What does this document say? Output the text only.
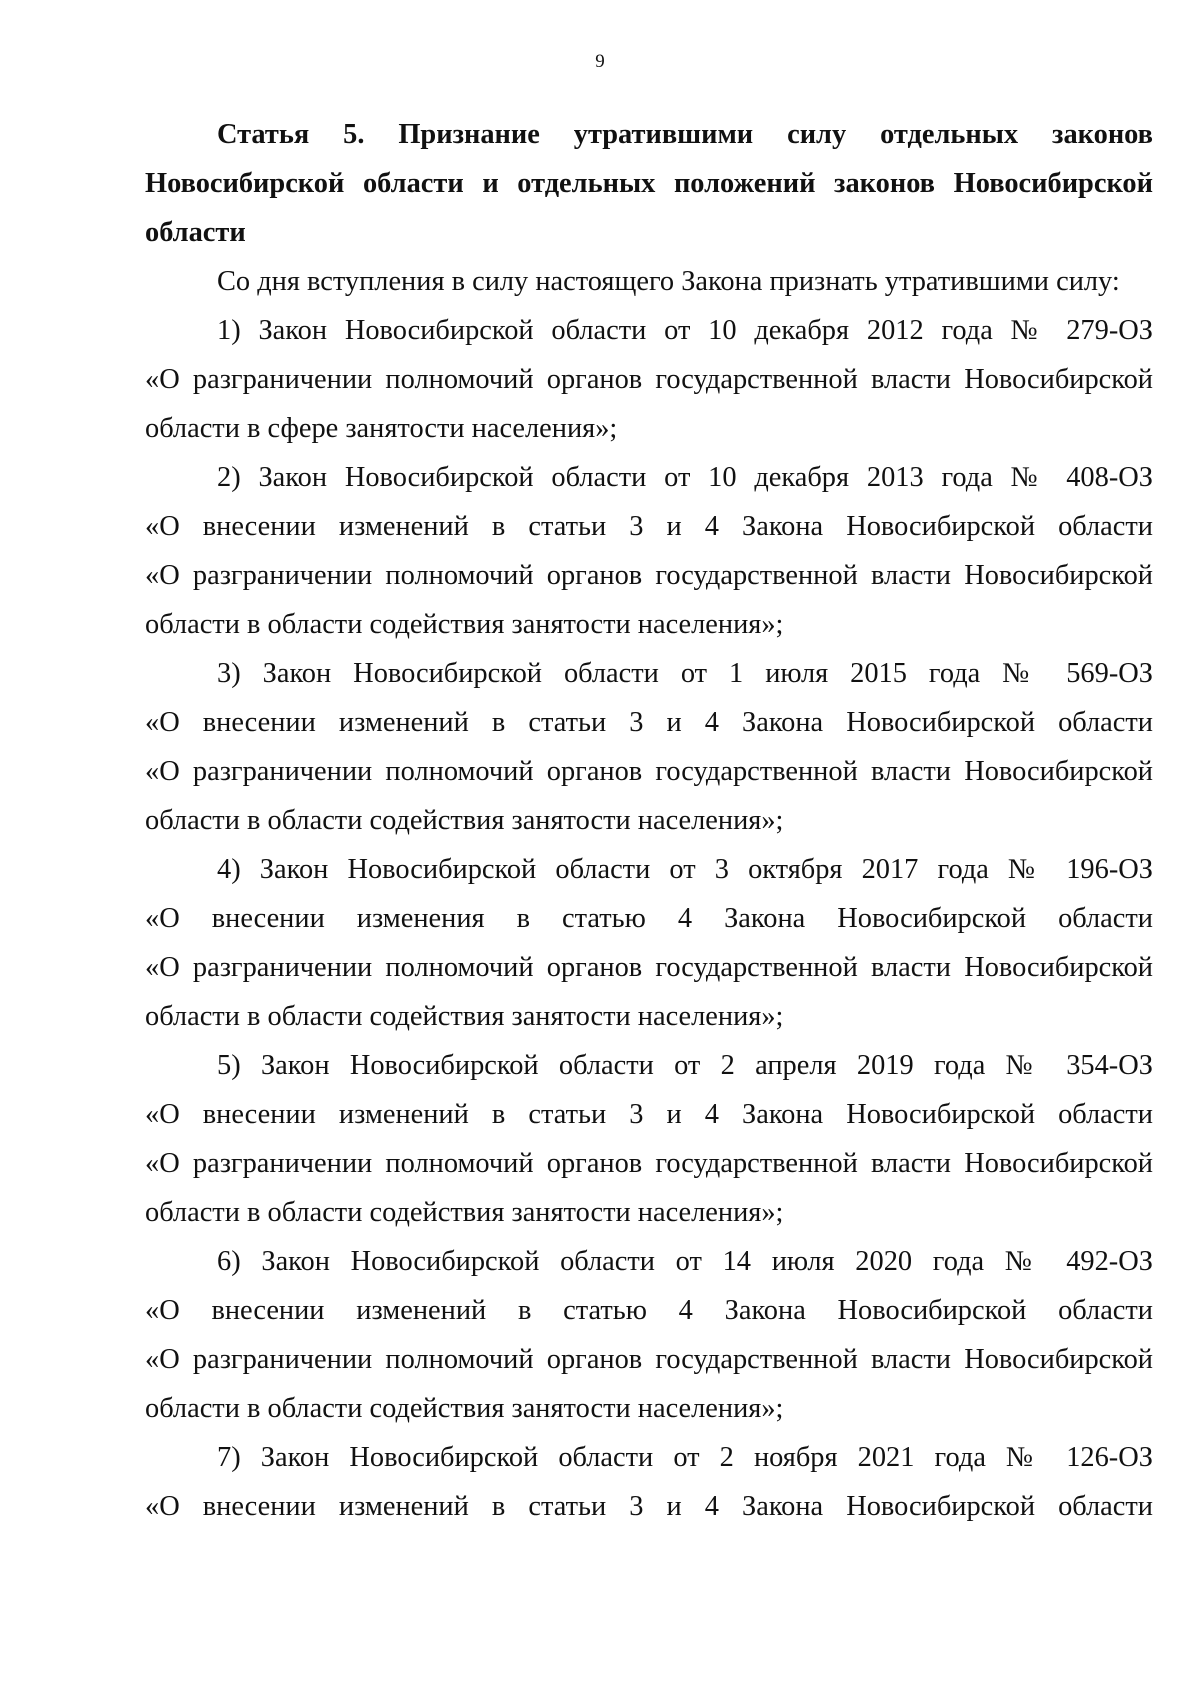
9

Статья 5. Признание утратившими силу отдельных законов Новосибирской области и отдельных положений законов Новосибирской области

Со дня вступления в силу настоящего Закона признать утратившими силу:

1) Закон Новосибирской области от 10 декабря 2012 года № 279-ОЗ

«О разграничении полномочий органов государственной власти Новосибирской

области в сфере занятости населения»;

2) Закон Новосибирской области от 10 декабря 2013 года № 408-ОЗ

«О внесении изменений в статьи 3 и 4 Закона Новосибирской области

«О разграничении полномочий органов государственной власти Новосибирской

области в области содействия занятости населения»;

3) Закон Новосибирской области от 1 июля 2015 года № 569-ОЗ

«О внесении изменений в статьи 3 и 4 Закона Новосибирской области

«О разграничении полномочий органов государственной власти Новосибирской

области в области содействия занятости населения»;

4) Закон Новосибирской области от 3 октября 2017 года № 196-ОЗ

«О внесении изменения в статью 4 Закона Новосибирской области

«О разграничении полномочий органов государственной власти Новосибирской

области в области содействия занятости населения»;

5) Закон Новосибирской области от 2 апреля 2019 года № 354-ОЗ

«О внесении изменений в статьи 3 и 4 Закона Новосибирской области

«О разграничении полномочий органов государственной власти Новосибирской

области в области содействия занятости населения»;

6) Закон Новосибирской области от 14 июля 2020 года № 492-ОЗ

«О внесении изменений в статью 4 Закона Новосибирской области

«О разграничении полномочий органов государственной власти Новосибирской

области в области содействия занятости населения»;

7) Закон Новосибирской области от 2 ноября 2021 года № 126-ОЗ

«О внесении изменений в статьи 3 и 4 Закона Новосибирской области
